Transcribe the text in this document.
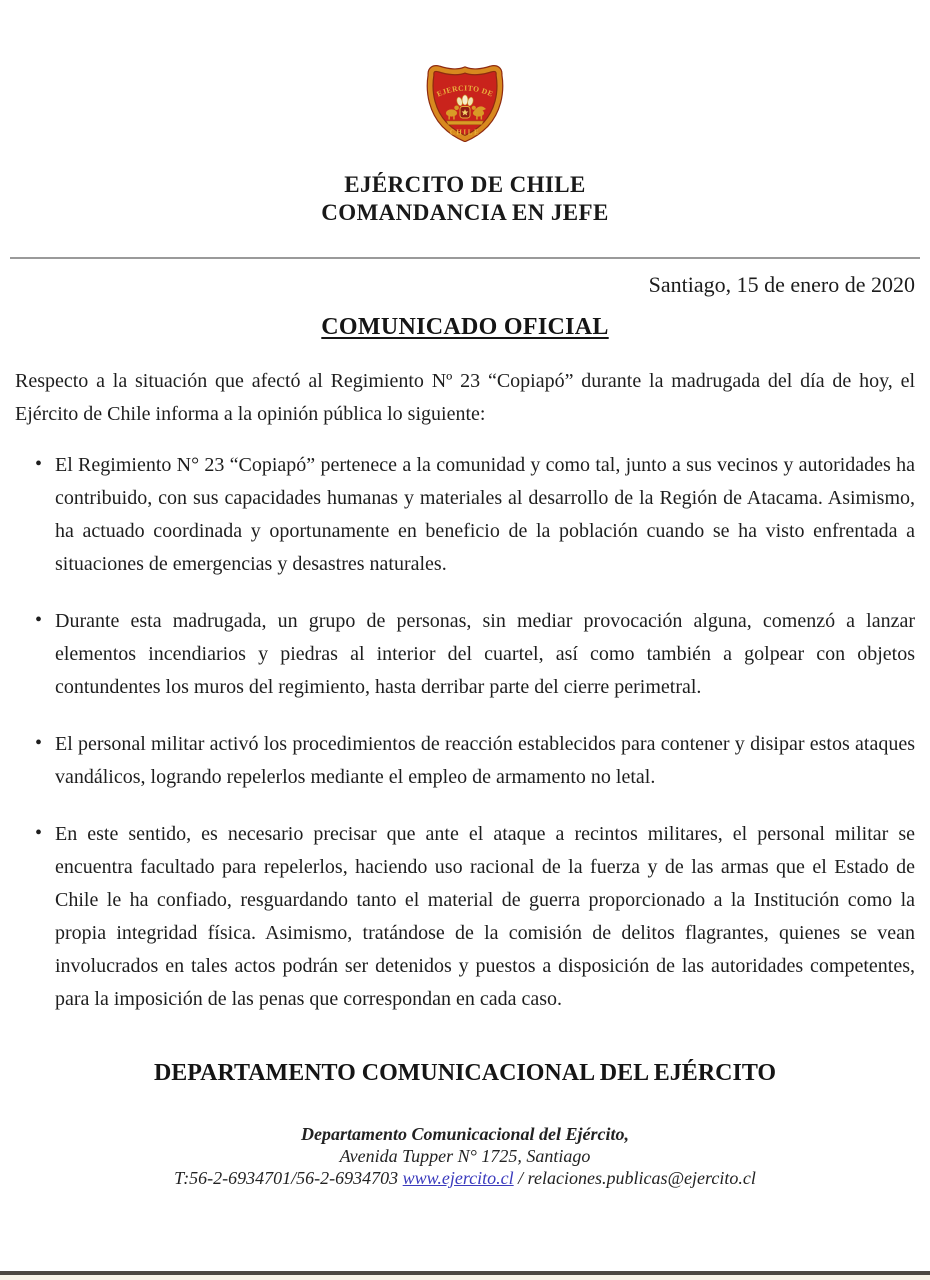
EJERCITO DE
CHILE
EJÉRCITO DE CHILE
COMANDANCIA EN JEFE
Santiago, 15 de enero de 2020
COMUNICADO OFICIAL

Respecto a la situación que afectó al Regimiento Nº 23 “Copiapó” durante la madrugada del día de hoy, el Ejército de Chile informa a la opinión pública lo siguiente:

• El Regimiento N° 23 “Copiapó” pertenece a la comunidad y como tal, junto a sus vecinos y autoridades ha contribuido, con sus capacidades humanas y materiales al desarrollo de la Región de Atacama. Asimismo, ha actuado coordinada y oportunamente en beneficio de la población cuando se ha visto enfrentada a situaciones de emergencias y desastres naturales.
• Durante esta madrugada, un grupo de personas, sin mediar provocación alguna, comenzó a lanzar elementos incendiarios y piedras al interior del cuartel, así como también a golpear con objetos contundentes los muros del regimiento, hasta derribar parte del cierre perimetral.
• El personal militar activó los procedimientos de reacción establecidos para contener y disipar estos ataques vandálicos, logrando repelerlos mediante el empleo de armamento no letal.
• En este sentido, es necesario precisar que ante el ataque a recintos militares, el personal militar se encuentra facultado para repelerlos, haciendo uso racional de la fuerza y de las armas que el Estado de Chile le ha confiado, resguardando tanto el material de guerra proporcionado a la Institución como la propia integridad física. Asimismo, tratándose de la comisión de delitos flagrantes, quienes se vean involucrados en tales actos podrán ser detenidos y puestos a disposición de las autoridades competentes, para la imposición de las penas que correspondan en cada caso.
DEPARTAMENTO COMUNICACIONAL DEL EJÉRCITO
Departamento Comunicacional del Ejército,
Avenida Tupper N° 1725, Santiago
T:56-2-6934701/56-2-6934703 www.ejercito.cl / relaciones.publicas@ejercito.cl
